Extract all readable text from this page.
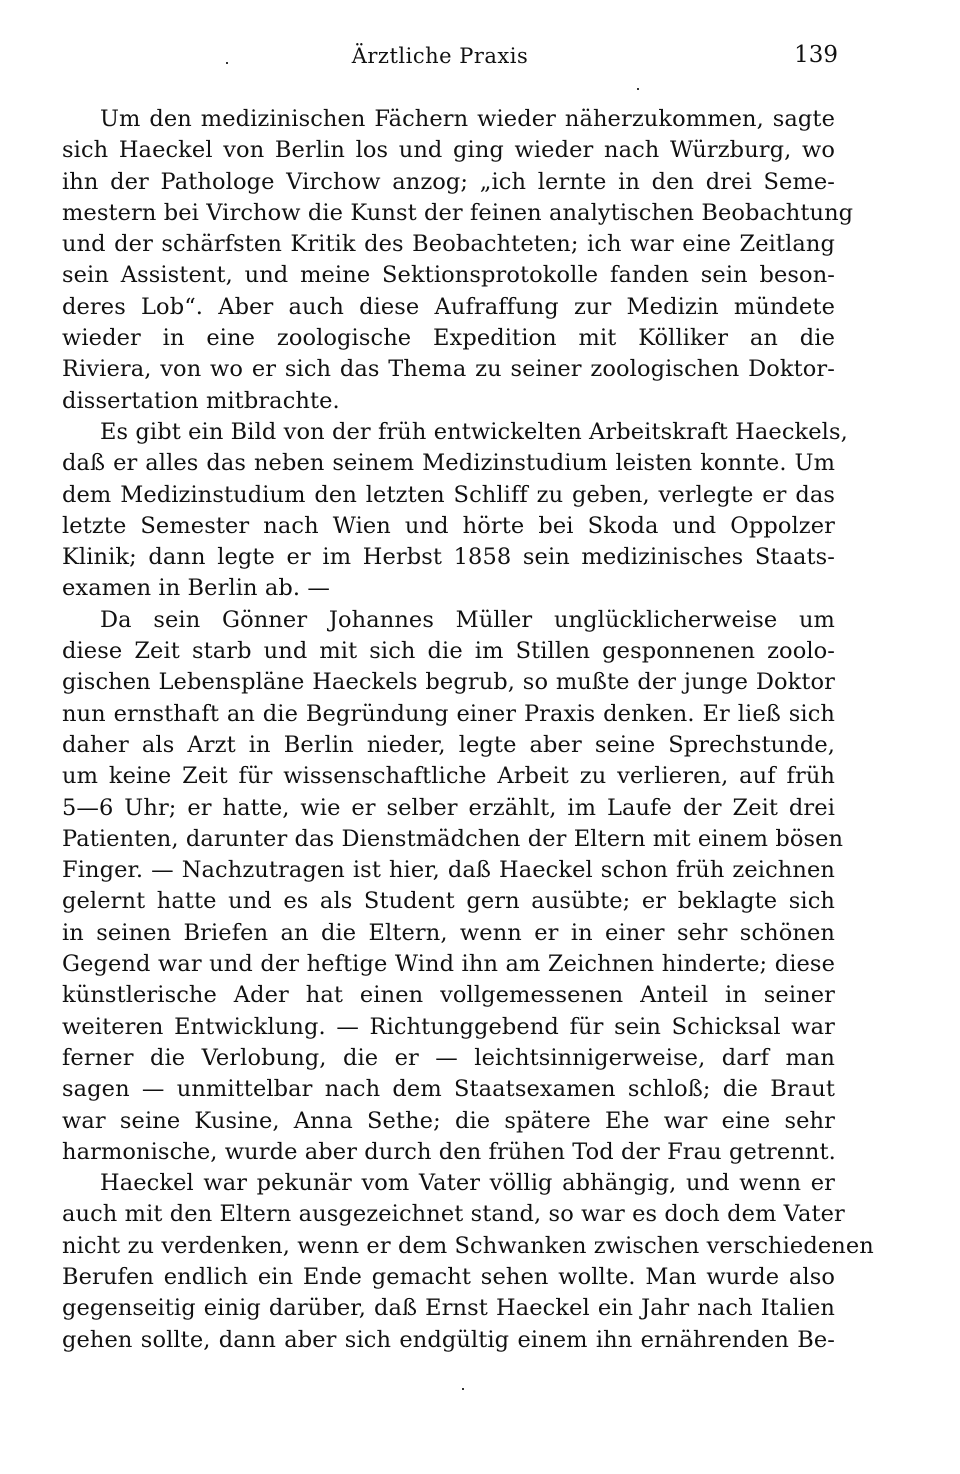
Ärztliche Praxis	139
Um den medizinischen Fächern wieder näherzukommen, sagte
sich Haeckel von Berlin los und ging wieder nach Würzburg, wo
ihn der Pathologe Virchow anzog; „ich lernte in den drei Seme-
mestern bei Virchow die Kunst der feinen analytischen Beobachtung
und der schärfsten Kritik des Beobachteten; ich war eine Zeitlang
sein Assistent, und meine Sektionsprotokolle fanden sein beson-
deres Lob“. Aber auch diese Aufraffung zur Medizin mündete
wieder in eine zoologische Expedition mit Kölliker an die
Riviera, von wo er sich das Thema zu seiner zoologischen Doktor-
dissertation mitbrachte.
Es gibt ein Bild von der früh entwickelten Arbeitskraft Haeckels,
daß er alles das neben seinem Medizinstudium leisten konnte. Um
dem Medizinstudium den letzten Schliff zu geben, verlegte er das
letzte Semester nach Wien und hörte bei Skoda und Oppolzer
Klinik; dann legte er im Herbst 1858 sein medizinisches Staats-
examen in Berlin ab. —
Da sein Gönner Johannes Müller unglücklicherweise um
diese Zeit starb und mit sich die im Stillen gesponnenen zoolo-
gischen Lebenspläne Haeckels begrub, so mußte der junge Doktor
nun ernsthaft an die Begründung einer Praxis denken. Er ließ sich
daher als Arzt in Berlin nieder, legte aber seine Sprechstunde,
um keine Zeit für wissenschaftliche Arbeit zu verlieren, auf früh
5—6 Uhr; er hatte, wie er selber erzählt, im Laufe der Zeit drei
Patienten, darunter das Dienstmädchen der Eltern mit einem bösen
Finger. — Nachzutragen ist hier, daß Haeckel schon früh zeichnen
gelernt hatte und es als Student gern ausübte; er beklagte sich
in seinen Briefen an die Eltern, wenn er in einer sehr schönen
Gegend war und der heftige Wind ihn am Zeichnen hinderte; diese
künstlerische Ader hat einen vollgemessenen Anteil in seiner
weiteren Entwicklung. — Richtunggebend für sein Schicksal war
ferner die Verlobung, die er — leichtsinnigerweise, darf man
sagen — unmittelbar nach dem Staatsexamen schloß; die Braut
war seine Kusine, Anna Sethe; die spätere Ehe war eine sehr
harmonische, wurde aber durch den frühen Tod der Frau getrennt.
Haeckel war pekunär vom Vater völlig abhängig, und wenn er
auch mit den Eltern ausgezeichnet stand, so war es doch dem Vater
nicht zu verdenken, wenn er dem Schwanken zwischen verschiedenen
Berufen endlich ein Ende gemacht sehen wollte. Man wurde also
gegenseitig einig darüber, daß Ernst Haeckel ein Jahr nach Italien
gehen sollte, dann aber sich endgültig einem ihn ernährenden Be-
